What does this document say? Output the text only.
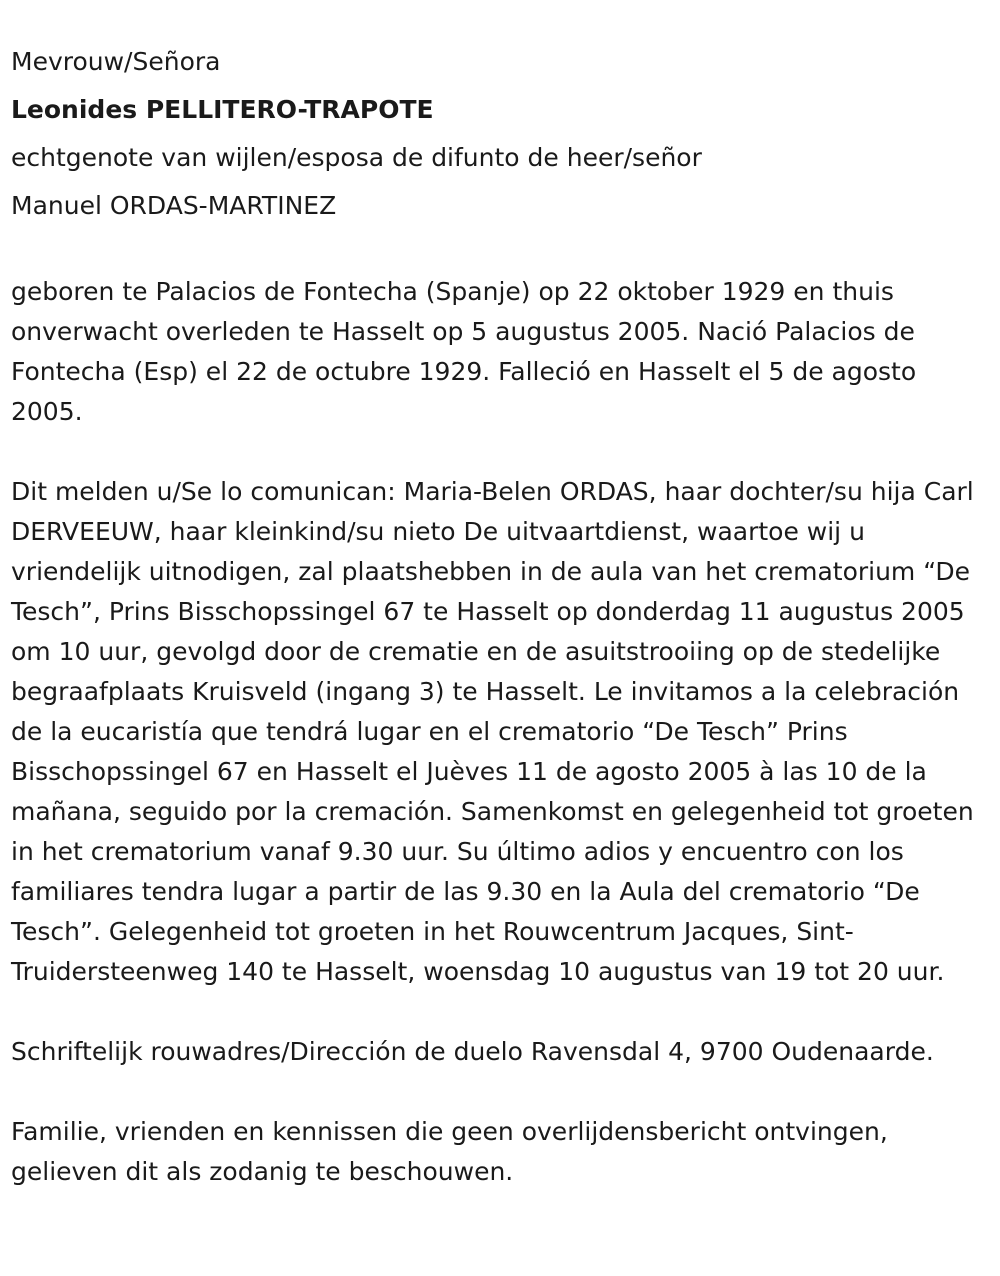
Mevrouw/Señora

Leonides PELLITERO-TRAPOTE

echtgenote van wijlen/esposa de difunto de heer/señor

Manuel ORDAS-MARTINEZ

geboren te Palacios de Fontecha (Spanje) op 22 oktober 1929 en thuis onverwacht overleden te Hasselt op 5 augustus 2005. Nació Palacios de Fontecha (Esp) el 22 de octubre 1929. Falleció en Hasselt el 5 de agosto 2005.

Dit melden u/Se lo comunican: Maria-Belen ORDAS, haar dochter/su hija Carl DERVEEUW, haar kleinkind/su nieto De uitvaartdienst, waartoe wij u vriendelijk uitnodigen, zal plaatshebben in de aula van het crematorium “De Tesch”, Prins Bisschopssingel 67 te Hasselt op donderdag 11 augustus 2005 om 10 uur, gevolgd door de crematie en de asuitstrooiing op de stedelijke begraafplaats Kruisveld (ingang 3) te Hasselt. Le invitamos a la celebración de la eucaristía que tendrá lugar en el crematorio “De Tesch” Prins Bisschopssingel 67 en Hasselt el Juèves 11 de agosto 2005 à las 10 de la mañana, seguido por la cremación. Samenkomst en gelegenheid tot groeten in het crematorium vanaf 9.30 uur. Su último adios y encuentro con los familiares tendra lugar a partir de las 9.30 en la Aula del crematorio “De Tesch”. Gelegenheid tot groeten in het Rouwcentrum Jacques, Sint-Truidersteenweg 140 te Hasselt, woensdag 10 augustus van 19 tot 20 uur.

Schriftelijk rouwadres/Dirección de duelo Ravensdal 4, 9700 Oudenaarde.

Familie, vrienden en kennissen die geen overlijdensbericht ontvingen, gelieven dit als zodanig te beschouwen.
